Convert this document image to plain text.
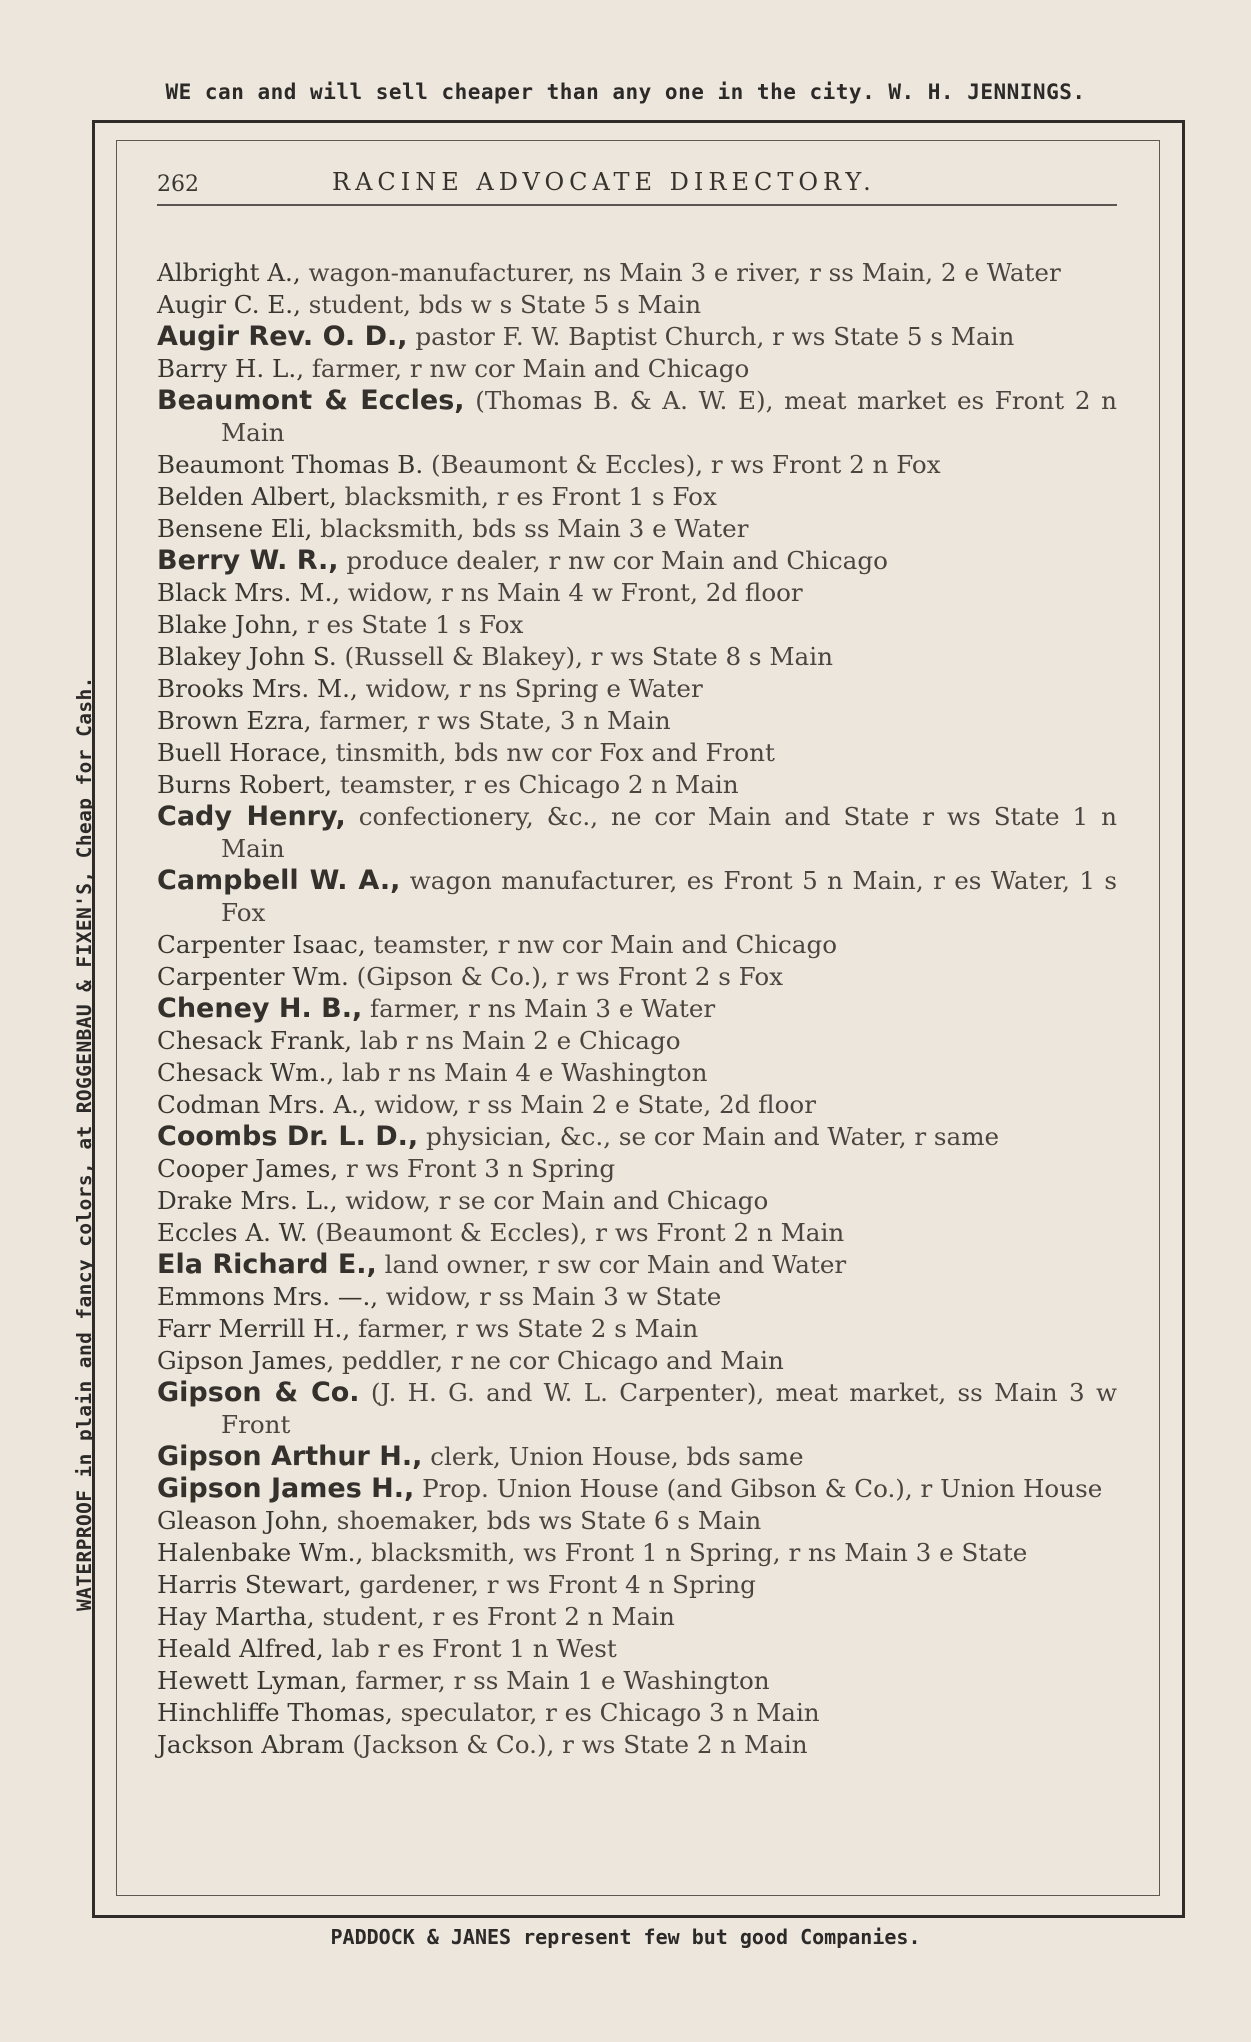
WE can and will sell cheaper than any one in the city. W. H. JENNINGS.
WATERPROOF in plain and fancy colors, at ROGGENBAU & FIXEN'S, Cheap for Cash.
262	RACINE ADVOCATE DIRECTORY.
Albright A., wagon-manufacturer, ns Main 3 e river, r ss Main, 2 e Water
Augir C. E., student, bds w s State 5 s Main
Augir Rev. O. D., pastor F. W. Baptist Church, r ws State 5 s Main
Barry H. L., farmer, r nw cor Main and Chicago
Beaumont & Eccles, (Thomas B. & A. W. E), meat market es Front 2 n Main
Beaumont Thomas B. (Beaumont & Eccles), r ws Front 2 n Fox
Belden Albert, blacksmith, r es Front 1 s Fox
Bensene Eli, blacksmith, bds ss Main 3 e Water
Berry W. R., produce dealer, r nw cor Main and Chicago
Black Mrs. M., widow, r ns Main 4 w Front, 2d floor
Blake John, r es State 1 s Fox
Blakey John S. (Russell & Blakey), r ws State 8 s Main
Brooks Mrs. M., widow, r ns Spring e Water
Brown Ezra, farmer, r ws State, 3 n Main
Buell Horace, tinsmith, bds nw cor Fox and Front
Burns Robert, teamster, r es Chicago 2 n Main
Cady Henry, confectionery, &c., ne cor Main and State r ws State 1 n Main
Campbell W. A., wagon manufacturer, es Front 5 n Main, r es Water, 1 s Fox
Carpenter Isaac, teamster, r nw cor Main and Chicago
Carpenter Wm. (Gipson & Co.), r ws Front 2 s Fox
Cheney H. B., farmer, r ns Main 3 e Water
Chesack Frank, lab r ns Main 2 e Chicago
Chesack Wm., lab r ns Main 4 e Washington
Codman Mrs. A., widow, r ss Main 2 e State, 2d floor
Coombs Dr. L. D., physician, &c., se cor Main and Water, r same
Cooper James, r ws Front 3 n Spring
Drake Mrs. L., widow, r se cor Main and Chicago
Eccles A. W. (Beaumont & Eccles), r ws Front 2 n Main
Ela Richard E., land owner, r sw cor Main and Water
Emmons Mrs. —., widow, r ss Main 3 w State
Farr Merrill H., farmer, r ws State 2 s Main
Gipson James, peddler, r ne cor Chicago and Main
Gipson & Co. (J. H. G. and W. L. Carpenter), meat market, ss Main 3 w Front
Gipson Arthur H., clerk, Union House, bds same
Gipson James H., Prop. Union House (and Gibson & Co.), r Union House
Gleason John, shoemaker, bds ws State 6 s Main
Halenbake Wm., blacksmith, ws Front 1 n Spring, r ns Main 3 e State
Harris Stewart, gardener, r ws Front 4 n Spring
Hay Martha, student, r es Front 2 n Main
Heald Alfred, lab r es Front 1 n West
Hewett Lyman, farmer, r ss Main 1 e Washington
Hinchliffe Thomas, speculator, r es Chicago 3 n Main
Jackson Abram (Jackson & Co.), r ws State 2 n Main
PADDOCK & JANES represent few but good Companies.
